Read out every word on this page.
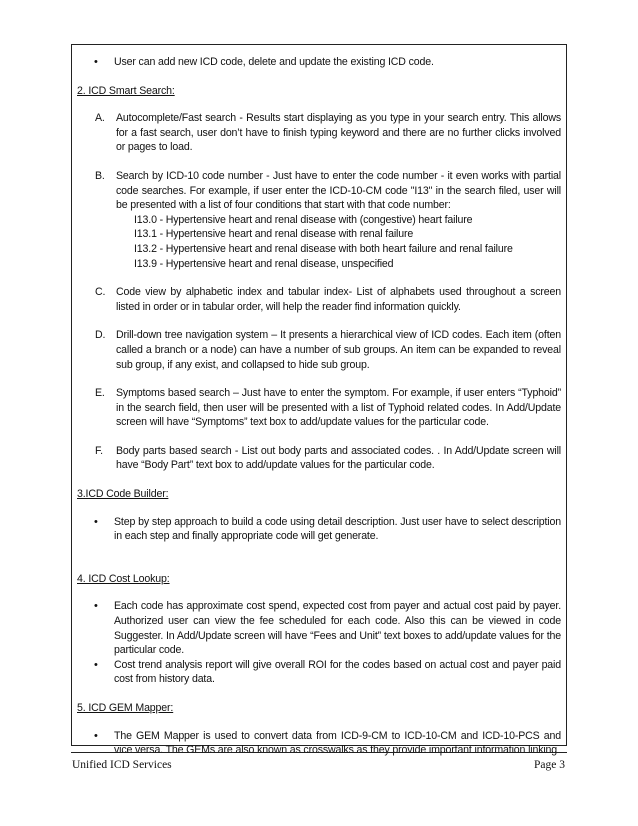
• User can add new ICD code, delete and update the existing ICD code.

2. ICD Smart Search:

A. Autocomplete/Fast search - Results start displaying as you type in your search entry. This allows for a fast search, user don’t have to finish typing keyword and there are no further clicks involved or pages to load.
B. Search by ICD-10 code number - Just have to enter the code number - it even works with partial code searches. For example, if user enter the ICD-10-CM code "I13" in the search filed, user will be presented with a list of four conditions that start with that code number:
I13.0 - Hypertensive heart and renal disease with (congestive) heart failure
I13.1 - Hypertensive heart and renal disease with renal failure
I13.2 - Hypertensive heart and renal disease with both heart failure and renal failure
I13.9 - Hypertensive heart and renal disease, unspecified
C. Code view by alphabetic index and tabular index- List of alphabets used throughout a screen listed in order or in tabular order, will help the reader find information quickly.
D. Drill-down tree navigation system – It presents a hierarchical view of ICD codes. Each item (often called a branch or a node) can have a number of sub groups. An item can be expanded to reveal sub group, if any exist, and collapsed to hide sub group.
E. Symptoms based search – Just have to enter the symptom. For example, if user enters “Typhoid” in the search field, then user will be presented with a list of Typhoid related codes. In Add/Update screen will have “Symptoms” text box to add/update values for the particular code.
F. Body parts based search - List out body parts and associated codes. . In Add/Update screen will have “Body Part” text box to add/update values for the particular code.

3.ICD Code Builder:

• Step by step approach to build a code using detail description. Just user have to select description in each step and finally appropriate code will get generate.

4. ICD Cost Lookup:

• Each code has approximate cost spend, expected cost from payer and actual cost paid by payer. Authorized user can view the fee scheduled for each code. Also this can be viewed in code Suggester. In Add/Update screen will have “Fees and Unit” text boxes to add/update values for the particular code.
• Cost trend analysis report will give overall ROI for the codes based on actual cost and payer paid cost from history data.

5. ICD GEM Mapper:

• The GEM Mapper is used to convert data from ICD-9-CM to ICD-10-CM and ICD-10-PCS and vice versa. The GEMs are also known as crosswalks as they provide important information linking
Unified ICD Services	Page 3
